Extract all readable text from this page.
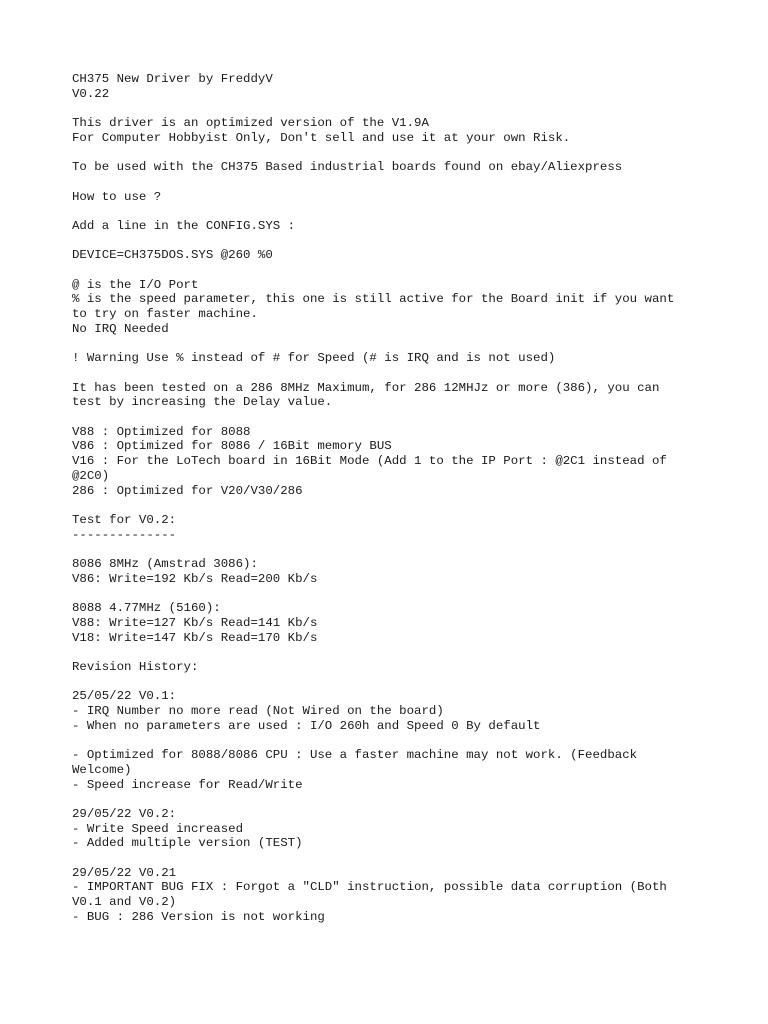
CH375 New Driver by FreddyV
V0.22
This driver is an optimized version of the V1.9A
For Computer Hobbyist Only, Don't sell and use it at your own Risk.
To be used with the CH375 Based industrial boards found on ebay/Aliexpress
How to use ?
Add a line in the CONFIG.SYS :
DEVICE=CH375DOS.SYS @260 %0
@ is the I/O Port
% is the speed parameter, this one is still active for the Board init if you want
to try on faster machine.
No IRQ Needed
! Warning Use % instead of # for Speed (# is IRQ and is not used)
It has been tested on a 286 8MHz Maximum, for 286 12MHJz or more (386), you can
test by increasing the Delay value.
V88 : Optimized for 8088
V86 : Optimized for 8086 / 16Bit memory BUS
V16 : For the LoTech board in 16Bit Mode (Add 1 to the IP Port : @2C1 instead of
@2C0)
286 : Optimized for V20/V30/286
Test for V0.2:
--------------
8086 8MHz (Amstrad 3086):
V86: Write=192 Kb/s Read=200 Kb/s
8088 4.77MHz (5160):
V88: Write=127 Kb/s Read=141 Kb/s
V18: Write=147 Kb/s Read=170 Kb/s
Revision History:
25/05/22 V0.1:
- IRQ Number no more read (Not Wired on the board)
- When no parameters are used : I/O 260h and Speed 0 By default
- Optimized for 8088/8086 CPU : Use a faster machine may not work. (Feedback
Welcome)
- Speed increase for Read/Write
29/05/22 V0.2:
- Write Speed increased
- Added multiple version (TEST)
29/05/22 V0.21
- IMPORTANT BUG FIX : Forgot a "CLD" instruction, possible data corruption (Both
V0.1 and V0.2)
- BUG : 286 Version is not working
